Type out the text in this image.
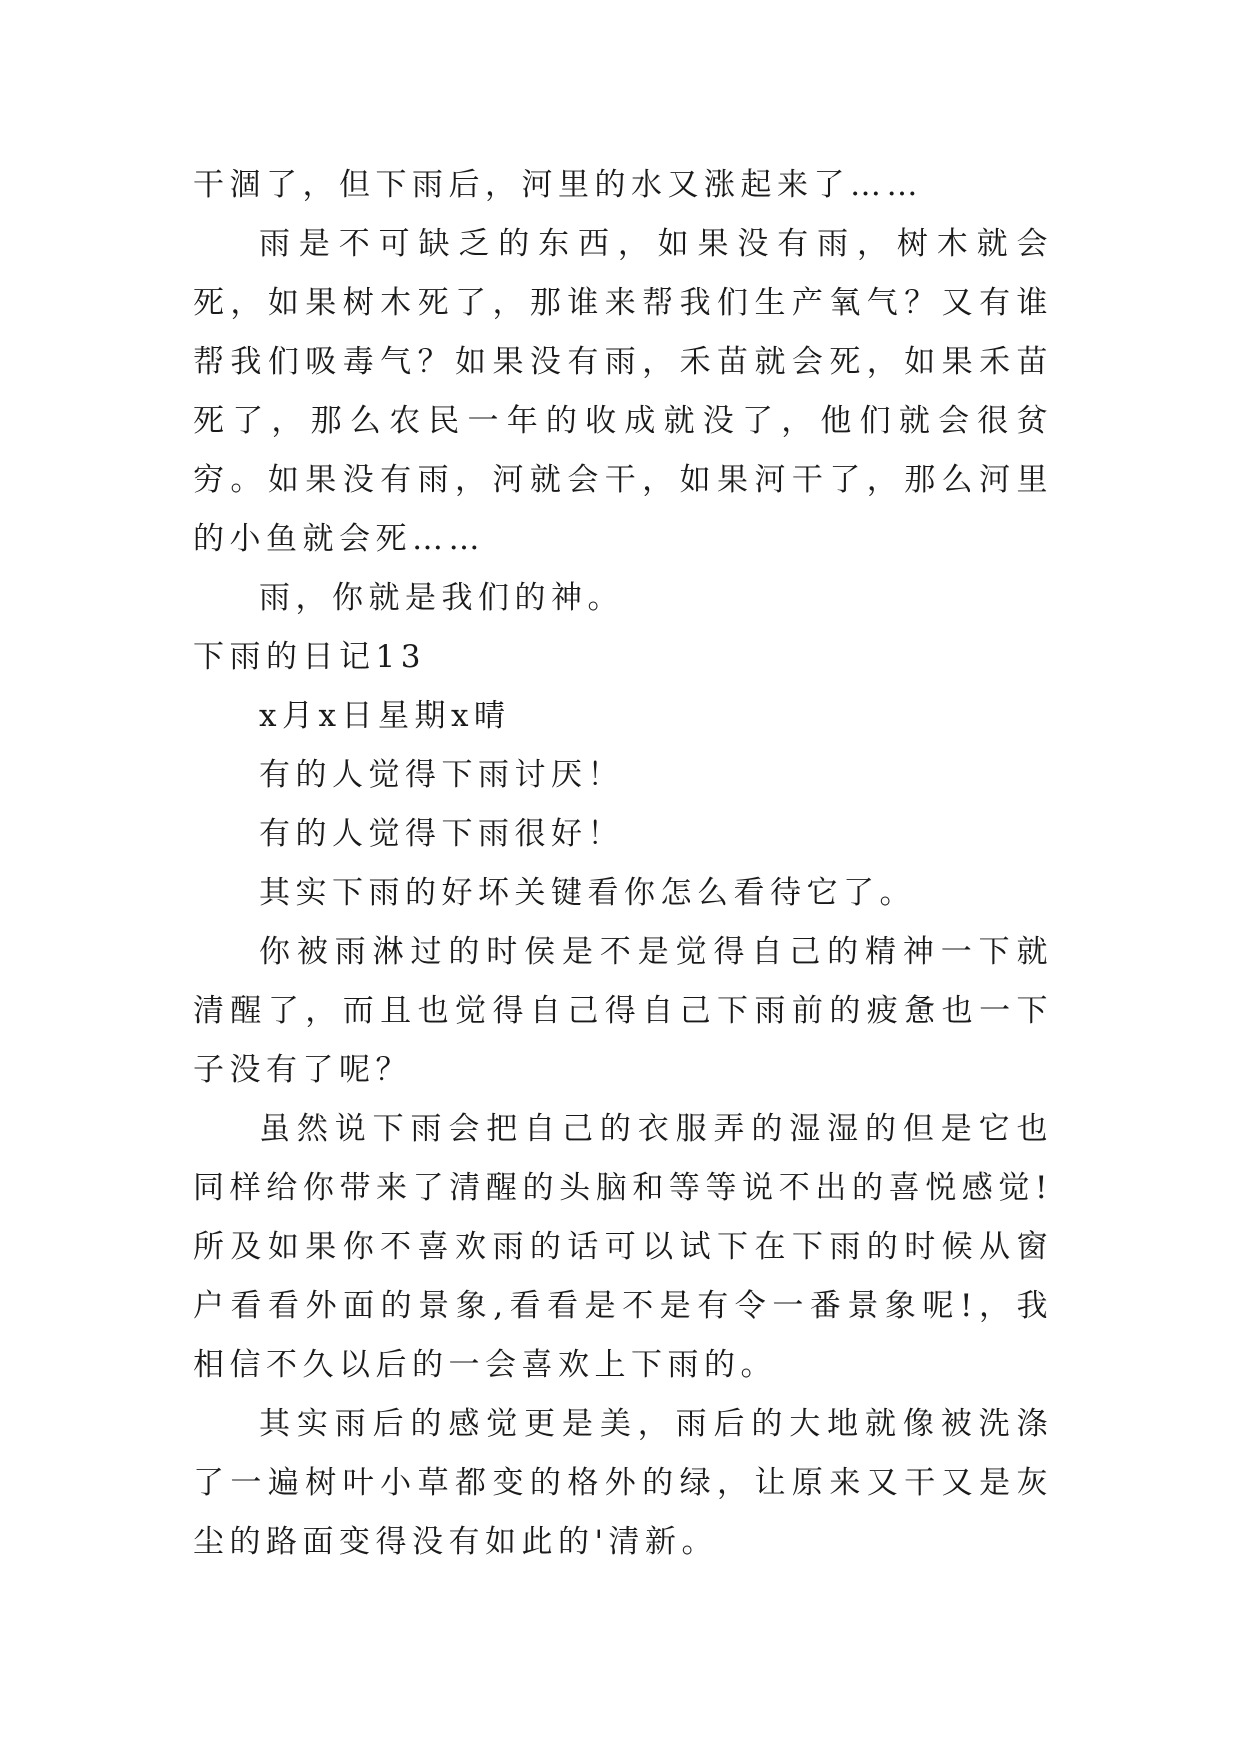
干涸了，但下雨后，河里的水又涨起来了……

雨是不可缺乏的东西，如果没有雨，树木就会死，如果树木死了，那谁来帮我们生产氧气？又有谁帮我们吸毒气？如果没有雨，禾苗就会死，如果禾苗死了，那么农民一年的收成就没了，他们就会很贫穷。如果没有雨，河就会干，如果河干了，那么河里的小鱼就会死……

雨，你就是我们的神。

下雨的日记13

x月x日星期x晴

有的人觉得下雨讨厌！

有的人觉得下雨很好！

其实下雨的好坏关键看你怎么看待它了。

你被雨淋过的时侯是不是觉得自己的精神一下就清醒了，而且也觉得自己得自己下雨前的疲惫也一下子没有了呢？

虽然说下雨会把自己的衣服弄的湿湿的但是它也同样给你带来了清醒的头脑和等等说不出的喜悦感觉!所及如果你不喜欢雨的话可以试下在下雨的时候从窗户看看外面的景象,看看是不是有令一番景象呢!，我相信不久以后的一会喜欢上下雨的。

其实雨后的感觉更是美，雨后的大地就像被洗涤了一遍树叶小草都变的格外的绿，让原来又干又是灰尘的路面变得没有如此的'清新。
